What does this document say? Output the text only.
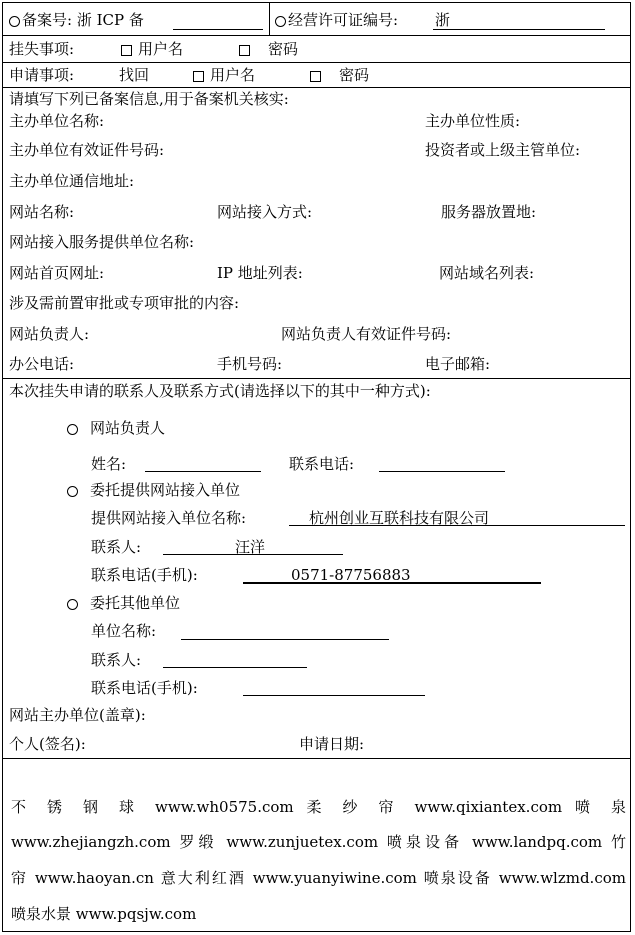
备案号: 浙 ICP 备	经营许可证编号: 浙
挂失事项:	用户名	密码
申请事项:	找回	用户名	密码
请填写下列已备案信息,用于备案机关核实:
主办单位名称:	主办单位性质:
主办单位有效证件号码:	投资者或上级主管单位:
主办单位通信地址:
网站名称:	网站接入方式:	服务器放置地:
网站接入服务提供单位名称:
网站首页网址:	IP 地址列表:	网站域名列表:
涉及需前置审批或专项审批的内容:
网站负责人:	网站负责人有效证件号码:
办公电话:	手机号码:	电子邮箱:
本次挂失申请的联系人及联系方式(请选择以下的其中一种方式):
网站负责人
姓名:	联系电话:
委托提供网站接入单位
提供网站接入单位名称:	杭州创业互联科技有限公司
联系人:	汪洋
联系电话(手机):	0571-87756883
委托其他单位
单位名称:
联系人:
联系电话(手机):
网站主办单位(盖章):
个人(签名):	申请日期:
不 锈 钢 球 www.wh0575.com 柔 纱 帘 www.qixiantex.com 喷 泉
www.zhejiangzh.com 罗缎 www.zunjuetex.com 喷泉设备 www.landpq.com 竹
帘 www.haoyan.cn 意大利红酒 www.yuanyiwine.com 喷泉设备 www.wlzmd.com
喷泉水景 www.pqsjw.com
